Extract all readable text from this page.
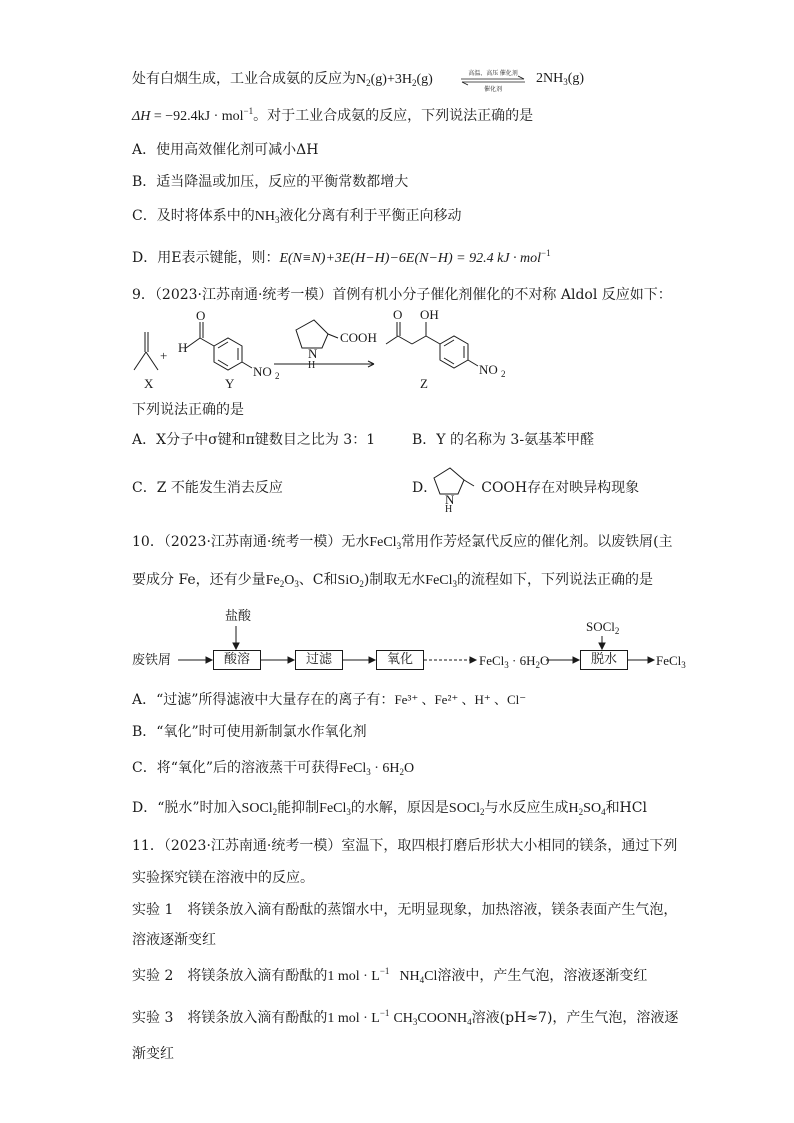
处有白烟生成，工业合成氨的反应为$N_2(g)+3H_2(g)$	高温、高压 催化剂
催化剂
$2NH_3(g)$
ΔH = −92.4kJ · mol$^{-1}$。对于工业合成氨的反应，下列说法正确的是
A．使用高效催化剂可减小ΔH
B．适当降温或加压，反应的平衡常数都增大
C．及时将体系中的$NH_3$液化分离有利于平衡正向移动
D．用E表示键能，则：E(N≡N)+3E(H−H)−6E(N−H) = 92.4 kJ · mol$^{-1}$
9．（2023·江苏南通·统考一模）首例有机小分子催化剂催化的不对称 Aldol 反应如下：
+
H
O
NO 2
N
H
COOH
O OH
NO 2
X	Y	Z
下列说法正确的是
A．X分子中σ键和π键数目之比为 3：1	B．Y 的名称为 3-氨基苯甲醛
C．Z 不能发生消去反应	D．	COOH存在对映异构现象
N
H
10．（2023·江苏南通·统考一模）无水FeCl$_3$常用作芳烃氯代反应的催化剂。以废铁屑(主
要成分 Fe，还有少量$Fe_2O_3$、C和SiO$_2$)制取无水FeCl$_3$的流程如下，下列说法正确的是
盐酸
SOCl$_2$
废铁屑	酸溶	过滤	氧化	FeCl$_3$ · $6H_2O$	脱水	FeCl$_3$
A．“过滤”所得滤液中大量存在的离子有：Fe³⁺ 、Fe²⁺ 、H⁺ 、Cl⁻
B．“氧化”时可使用新制氯水作氧化剂
C．将“氧化”后的溶液蒸干可获得FeCl$_3$ · $6H_2O$
D．“脱水”时加入SOCl$_2$能抑制FeCl$_3$的水解，原因是SOCl$_2$与水反应生成$H_2SO_4$和HCl
11．（2023·江苏南通·统考一模）室温下，取四根打磨后形状大小相同的镁条，通过下列
实验探究镁在溶液中的反应。
实验 1　将镁条放入滴有酚酞的蒸馏水中，无明显现象，加热溶液，镁条表面产生气泡，
溶液逐渐变红
实验 2　将镁条放入滴有酚酞的1 mol · $L^{-1}$ $NH_4Cl$溶液中，产生气泡，溶液逐渐变红
实验 3　将镁条放入滴有酚酞的1 mol · $L^{-1}$ $CH_3COONH_4$溶液(pH≈7)，产生气泡，溶液逐
渐变红
